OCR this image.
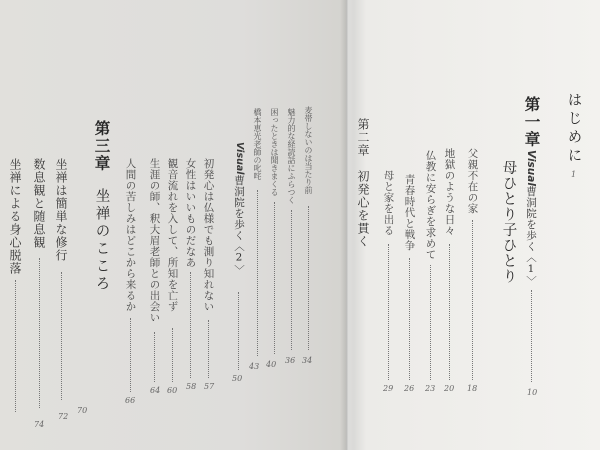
はじめに
1
第一章
母ひとり子ひとり Visual曹洞院を歩く〈1〉
10
父親不在の家
18
地獄のような日々
20
仏教に安らぎを求めて
23
青春時代と戦争
26
母と家を出る
29
第二章
初発心を貫く
麦帯しないのは当たり前
34
魅力的な経読話にふらつく
36
困ったときは聞きまくる
40
橋本恵光老師の叱咤
43
Visual曹洞院を歩く〈2〉
50
初発心は仏様でも測り知れない
57
女性はいいものだなあ
58
観音流れを入して、所知を亡ず
60
生涯の師、釈大眉老師との出会い
64
人間の苦しみはどこから来るか
66
第三章
坐禅のこころ
坐禅は簡単な修行
70
数息観と随息観
72
坐禅による身心脱落
74
